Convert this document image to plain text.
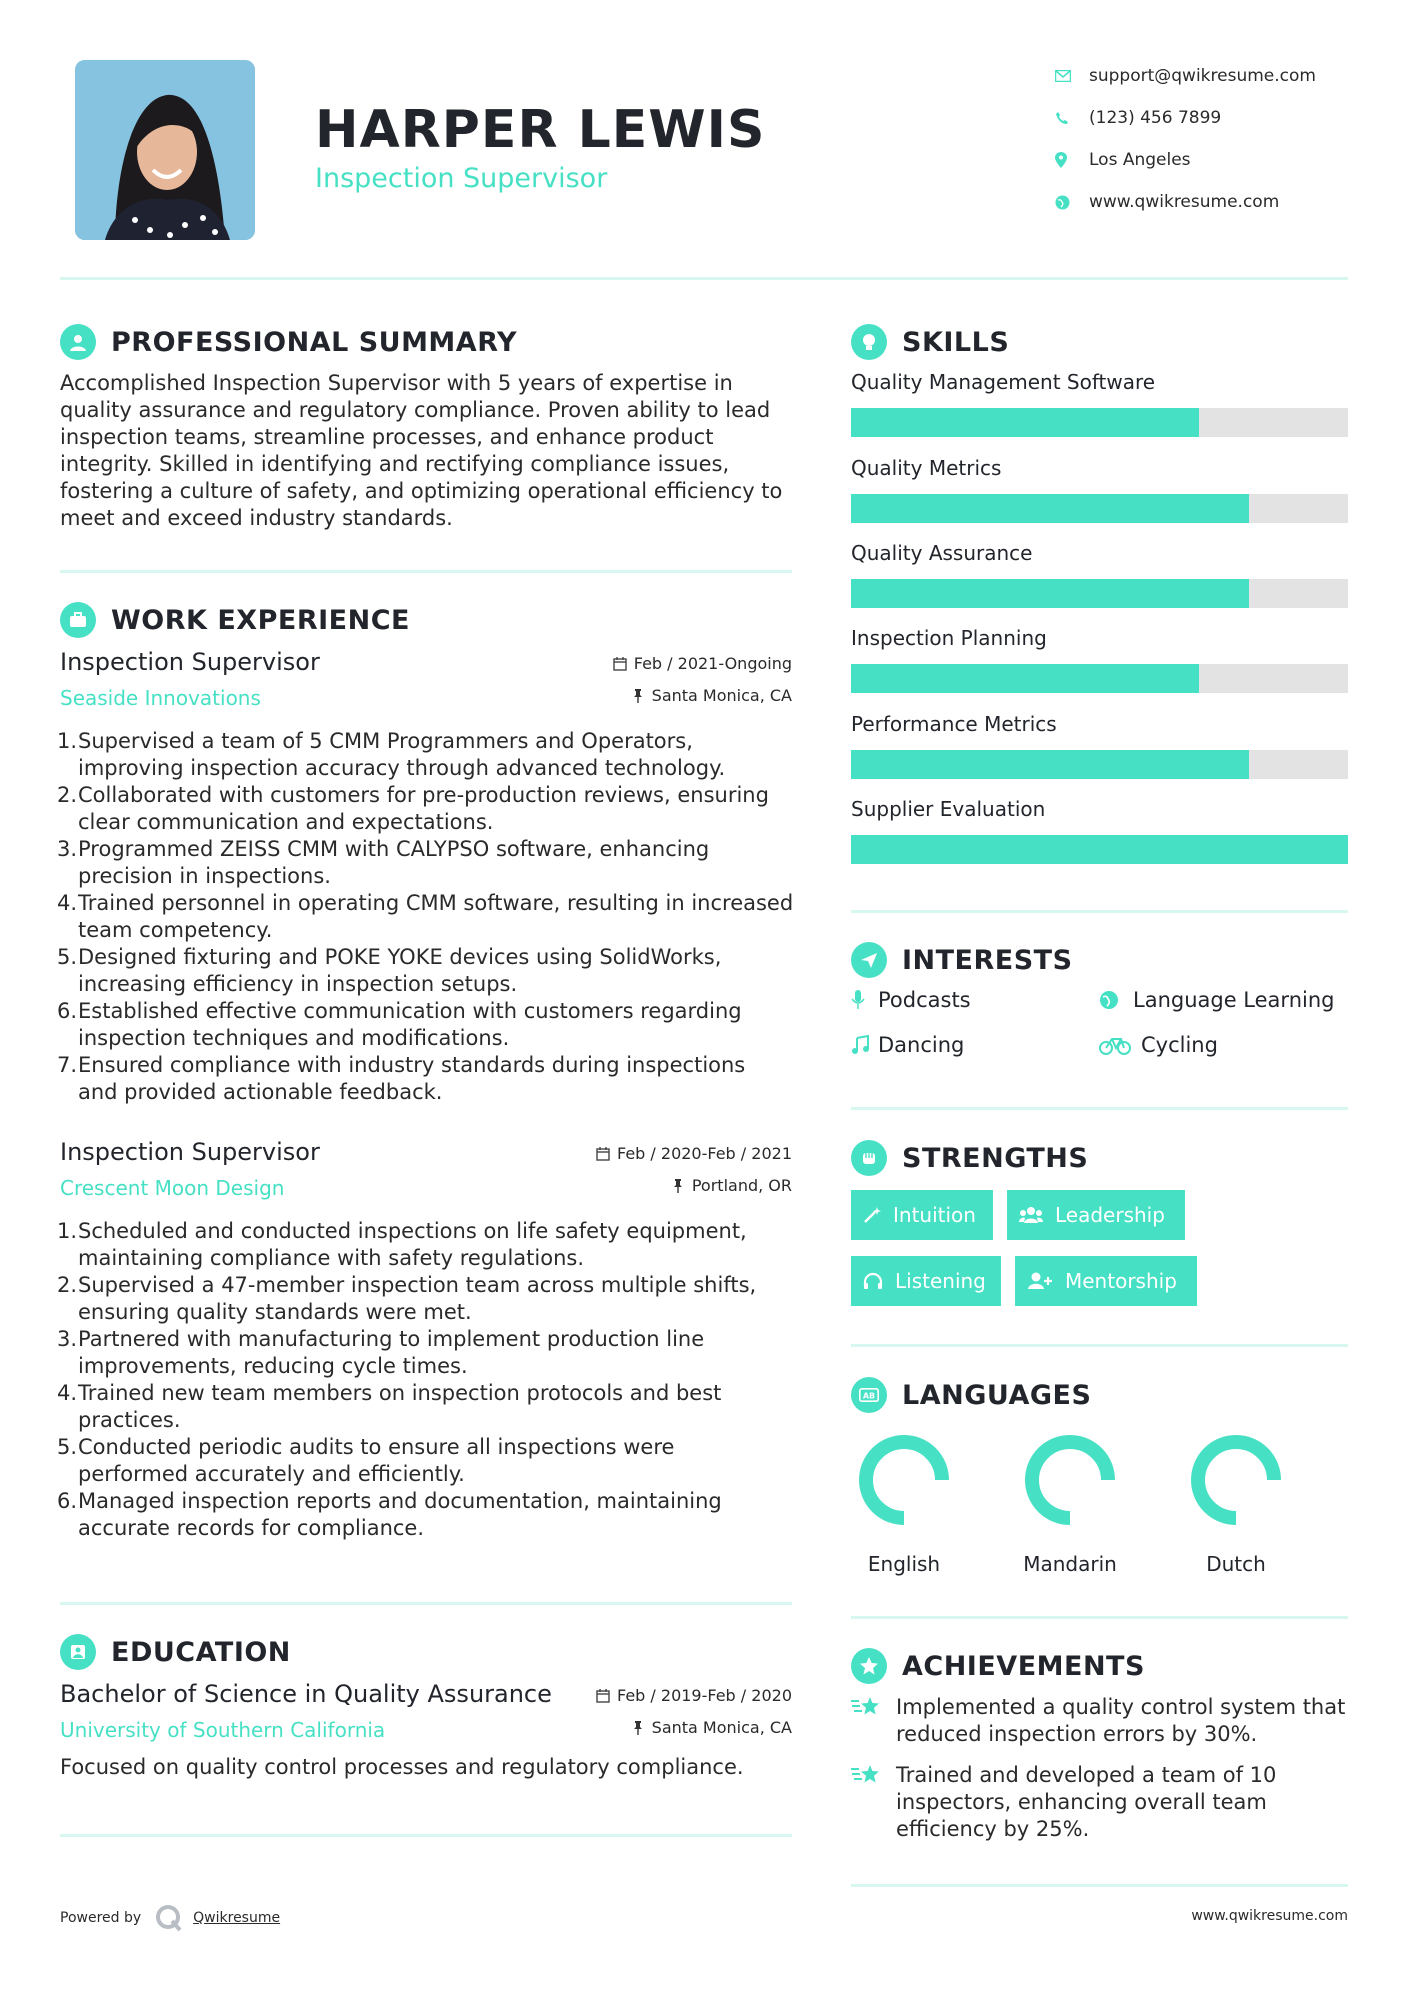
HARPER LEWIS
Inspection Supervisor
support@qwikresume.com
(123) 456 7899
Los Angeles
www.qwikresume.com
PROFESSIONAL SUMMARY
Accomplished Inspection Supervisor with 5 years of expertise in
quality assurance and regulatory compliance. Proven ability to lead
inspection teams, streamline processes, and enhance product
integrity. Skilled in identifying and rectifying compliance issues,
fostering a culture of safety, and optimizing operational efficiency to
meet and exceed industry standards.
WORK EXPERIENCE
Inspection Supervisor
Seaside Innovations
Feb / 2021-Ongoing
Santa Monica, CA
1. Supervised a team of 5 CMM Programmers and Operators,
improving inspection accuracy through advanced technology.
2. Collaborated with customers for pre-production reviews, ensuring
clear communication and expectations.
3. Programmed ZEISS CMM with CALYPSO software, enhancing
precision in inspections.
4. Trained personnel in operating CMM software, resulting in increased
team competency.
5. Designed fixturing and POKE YOKE devices using SolidWorks,
increasing efficiency in inspection setups.
6. Established effective communication with customers regarding
inspection techniques and modifications.
7. Ensured compliance with industry standards during inspections
and provided actionable feedback.
Inspection Supervisor
Crescent Moon Design
Feb / 2020-Feb / 2021
Portland, OR
1. Scheduled and conducted inspections on life safety equipment,
maintaining compliance with safety regulations.
2. Supervised a 47-member inspection team across multiple shifts,
ensuring quality standards were met.
3. Partnered with manufacturing to implement production line
improvements, reducing cycle times.
4. Trained new team members on inspection protocols and best
practices.
5. Conducted periodic audits to ensure all inspections were
performed accurately and efficiently.
6. Managed inspection reports and documentation, maintaining
accurate records for compliance.
EDUCATION
Bachelor of Science in Quality Assurance
University of Southern California
Feb / 2019-Feb / 2020
Santa Monica, CA
Focused on quality control processes and regulatory compliance.
SKILLS
Quality Management Software
Quality Metrics
Quality Assurance
Inspection Planning
Performance Metrics
Supplier Evaluation
INTERESTS
Podcasts	Language Learning
Dancing	Cycling
STRENGTHS
Intuition	Leadership
Listening	Mentorship
AB LANGUAGES
English	Mandarin	Dutch
ACHIEVEMENTS
Implemented a quality control system that
reduced inspection errors by 30%.
Trained and developed a team of 10
inspectors, enhancing overall team
efficiency by 25%.
Powered by	Qwikresume	www.qwikresume.com
